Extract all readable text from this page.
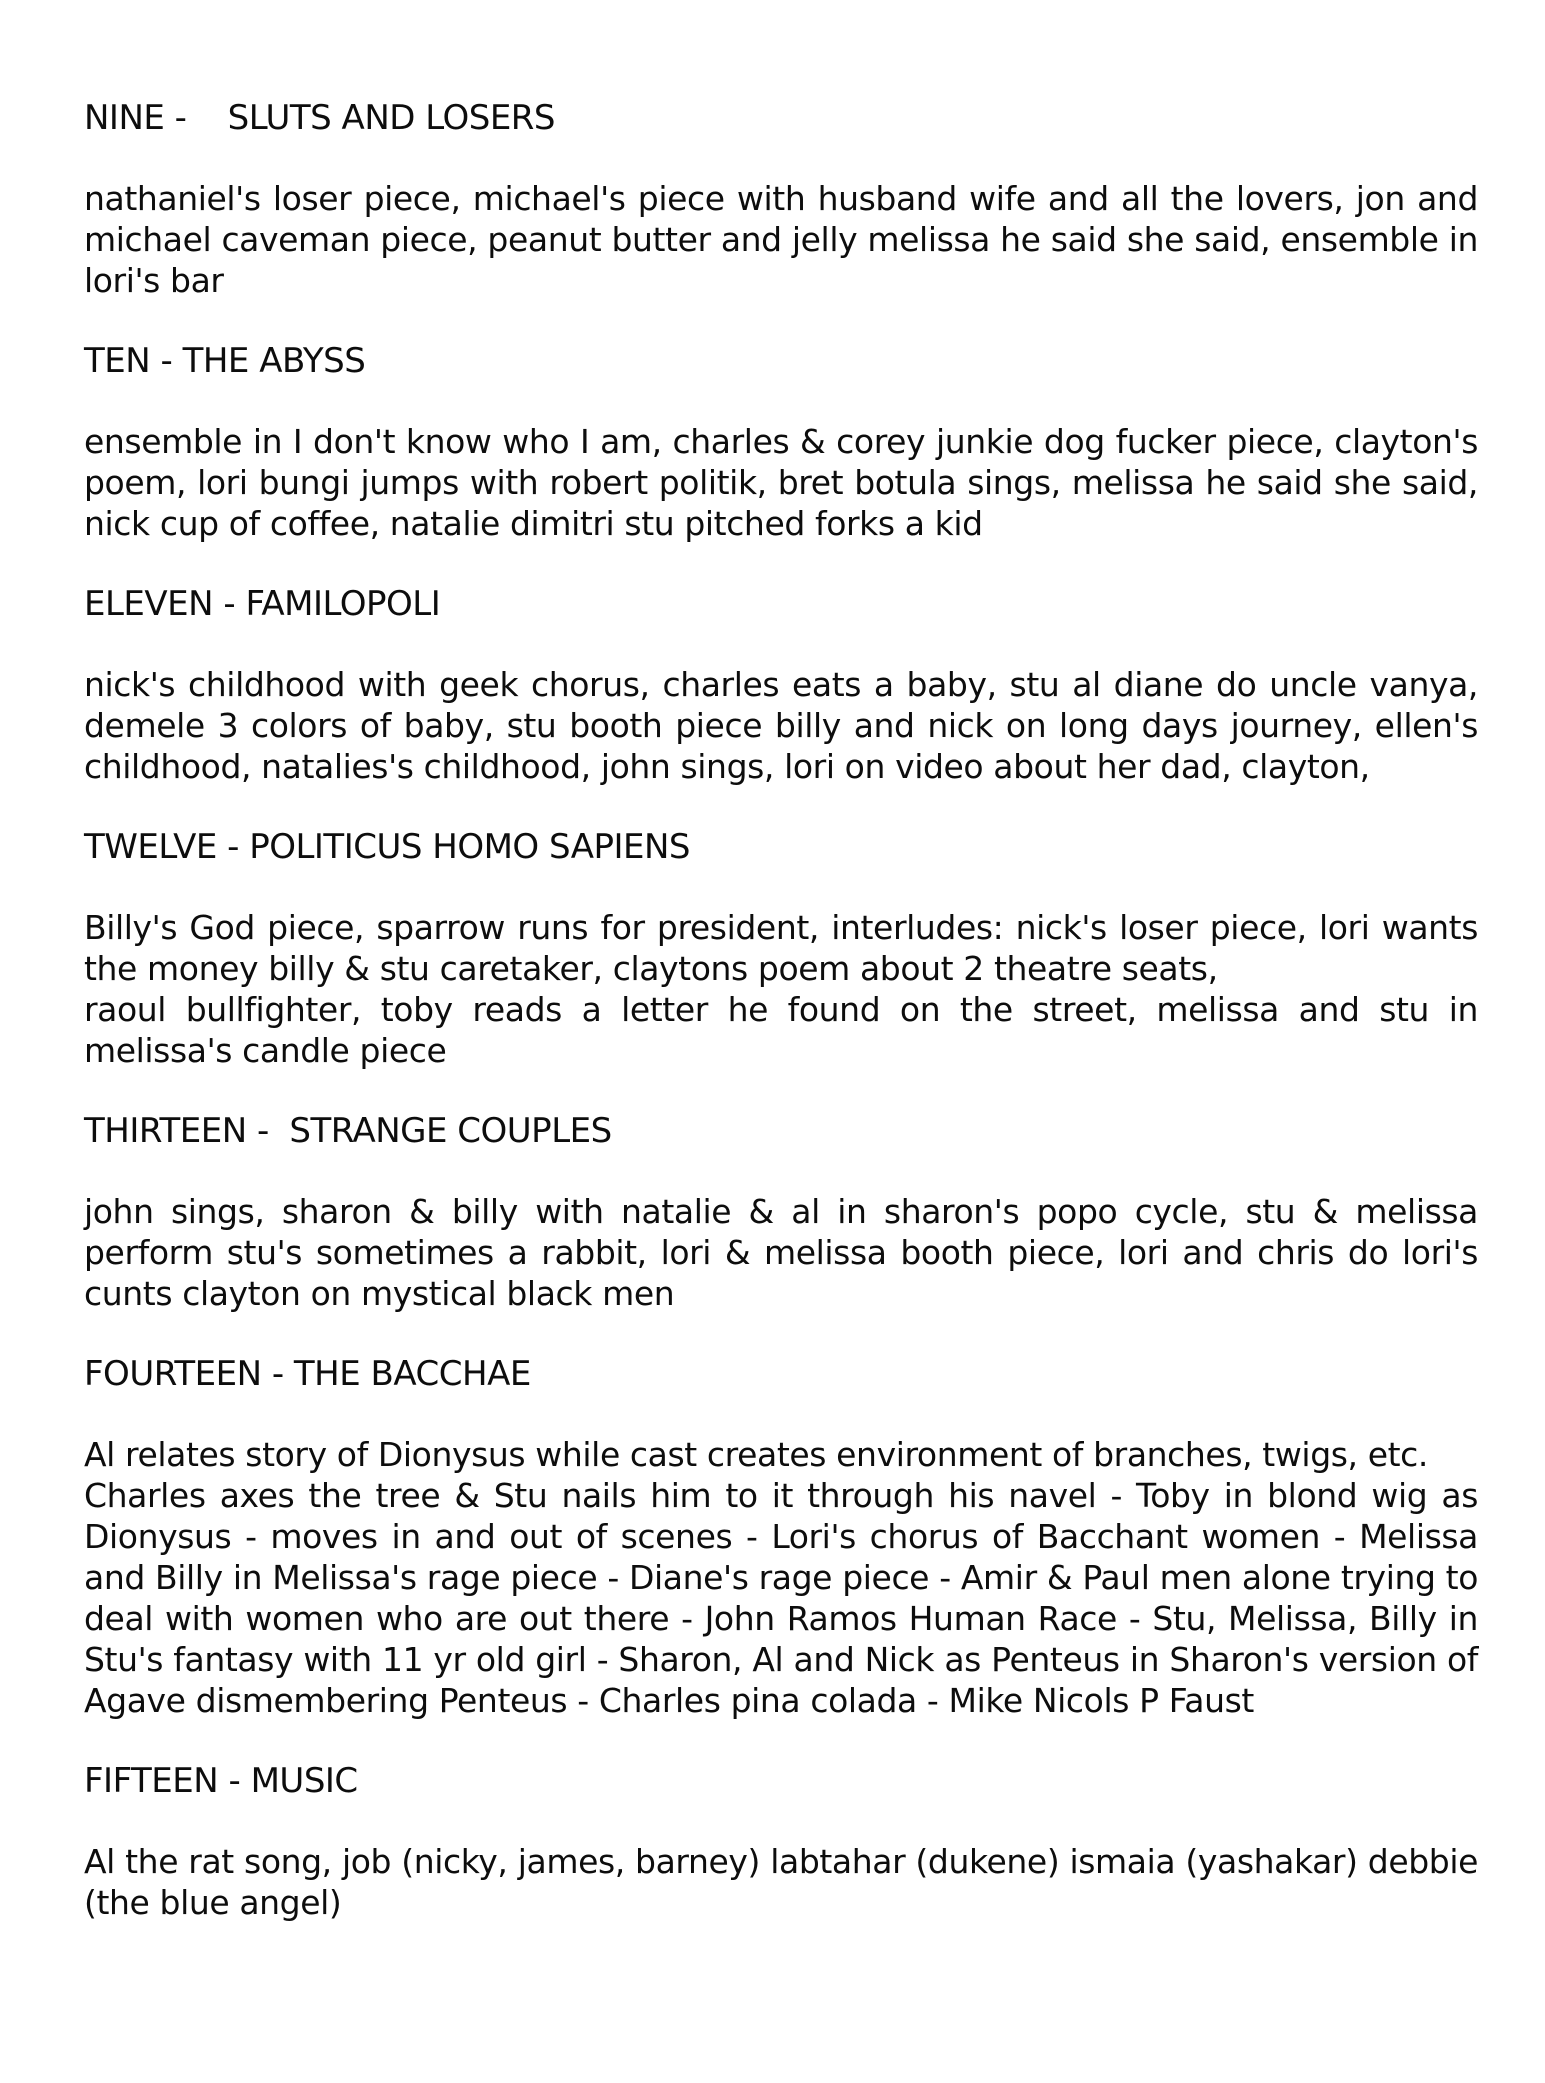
NINE -    SLUTS AND LOSERS
nathaniel's loser piece, michael's piece with husband wife and all the lovers, jon and michael caveman piece, peanut butter and jelly melissa he said she said, ensemble in lori's bar
TEN - THE ABYSS
ensemble in I don't know who I am, charles & corey junkie dog fucker piece, clayton's poem, lori bungi jumps with robert politik, bret botula sings, melissa he said she said, nick cup of coffee, natalie dimitri stu pitched forks a kid
ELEVEN - FAMILOPOLI
nick's childhood with geek chorus, charles eats a baby, stu al diane do uncle vanya, demele 3 colors of baby, stu booth piece billy and nick on long days journey, ellen's childhood, natalies's childhood, john sings, lori on video about her dad, clayton,
TWELVE - POLITICUS HOMO SAPIENS
Billy's God piece, sparrow runs for president, interludes: nick's loser piece, lori wants the money billy & stu caretaker, claytons poem about 2 theatre seats,
raoul bullfighter, toby reads a letter he found on the street, melissa and stu in melissa's candle piece
THIRTEEN -  STRANGE COUPLES
john sings, sharon & billy with natalie & al in sharon's popo cycle, stu & melissa perform stu's sometimes a rabbit, lori & melissa booth piece, lori and chris do lori's cunts clayton on mystical black men
FOURTEEN - THE BACCHAE
Al relates story of Dionysus while cast creates environment of branches, twigs, etc.
Charles axes the tree & Stu nails him to it through his navel - Toby in blond wig as Dionysus - moves in and out of scenes - Lori's chorus of Bacchant women - Melissa and Billy in Melissa's rage piece - Diane's rage piece - Amir & Paul men alone trying to deal with women who are out there - John Ramos Human Race - Stu, Melissa, Billy in Stu's fantasy with 11 yr old girl - Sharon, Al and Nick as Penteus in Sharon's version of Agave dismembering Penteus - Charles pina colada - Mike Nicols P Faust
FIFTEEN - MUSIC
Al the rat song, job (nicky, james, barney) labtahar (dukene) ismaia (yashakar) debbie (the blue angel)
